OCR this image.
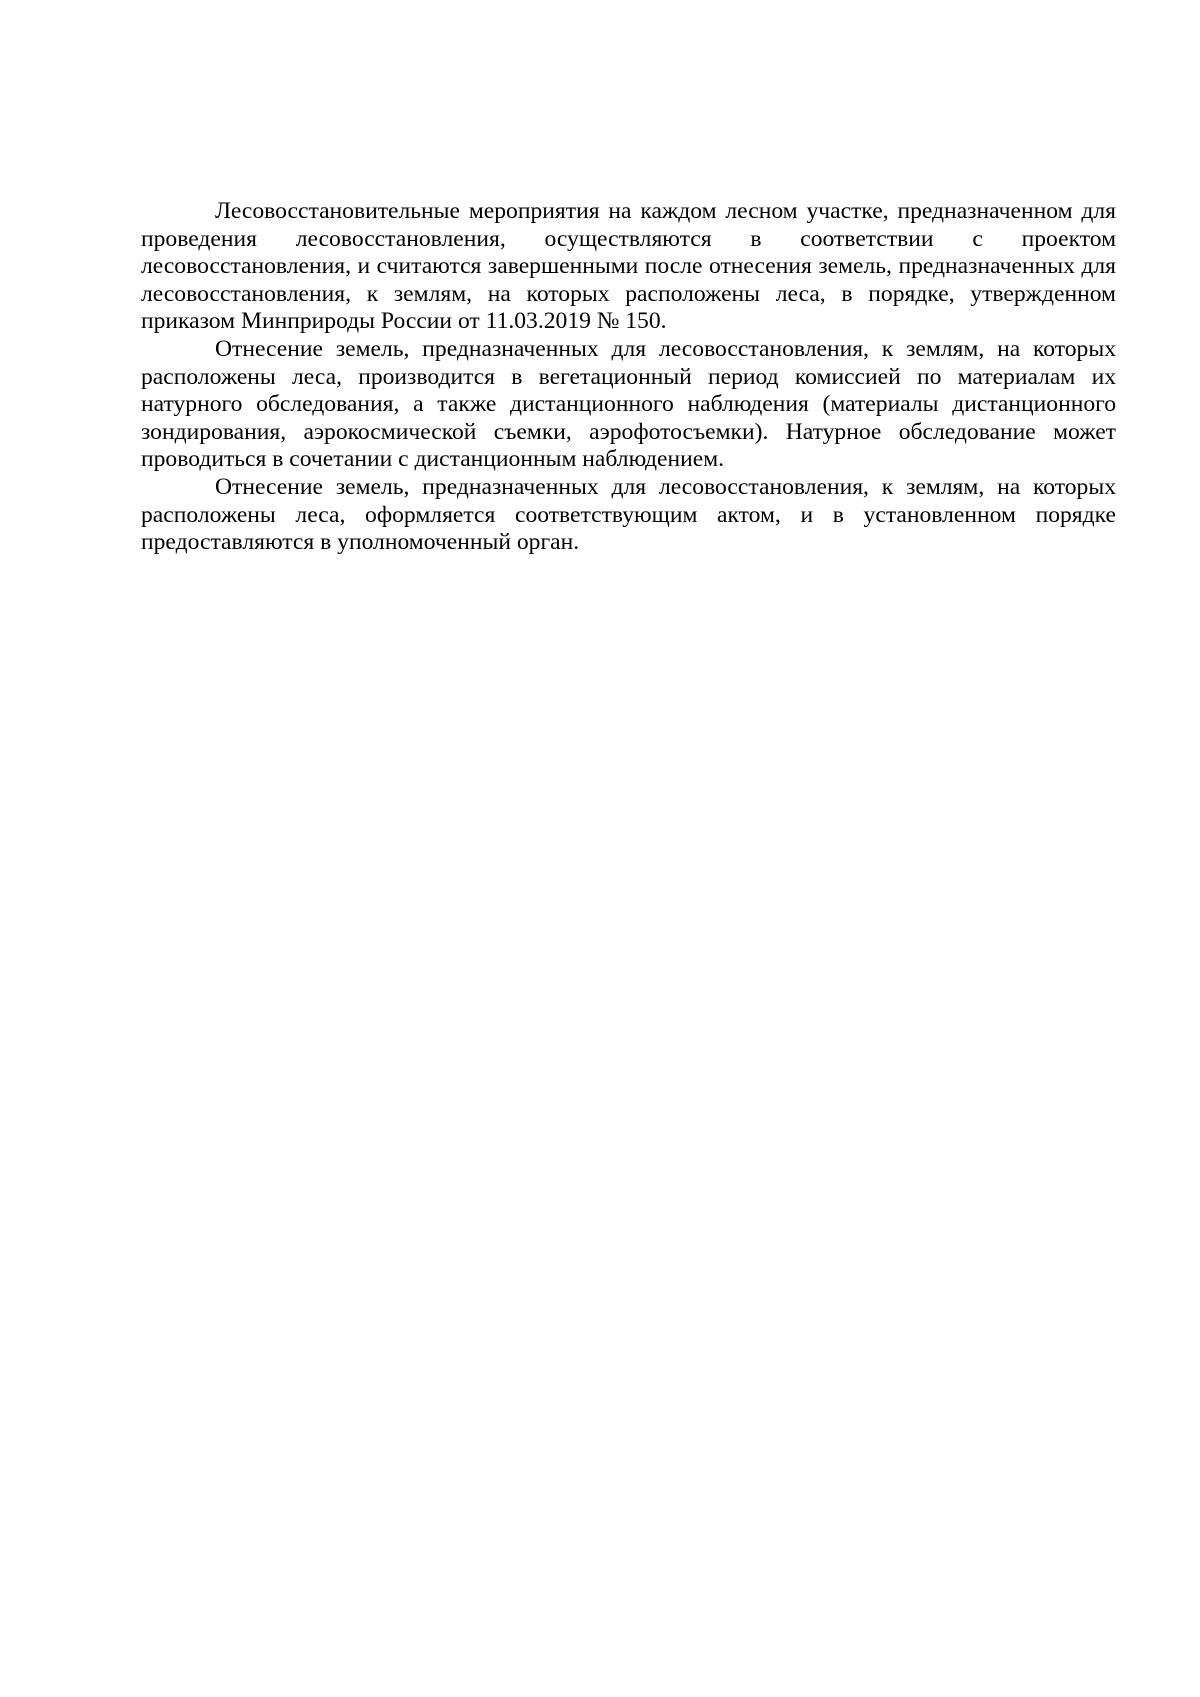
Лесовосстановительные мероприятия на каждом лесном участке, предназначенном для проведения лесовосстановления, осуществляются в соответствии с проектом лесовосстановления, и считаются завершенными после отнесения земель, предназначенных для лесовосстановления, к землям, на которых расположены леса, в порядке, утвержденном приказом Минприроды России от 11.03.2019 № 150.

Отнесение земель, предназначенных для лесовосстановления, к землям, на которых расположены леса, производится в вегетационный период комиссией по материалам их натурного обследования, а также дистанционного наблюдения (материалы дистанционного зондирования, аэрокосмической съемки, аэрофотосъемки). Натурное обследование может проводиться в сочетании с дистанционным наблюдением.

Отнесение земель, предназначенных для лесовосстановления, к землям, на которых расположены леса, оформляется соответствующим актом, и в установленном порядке предоставляются в уполномоченный орган.
